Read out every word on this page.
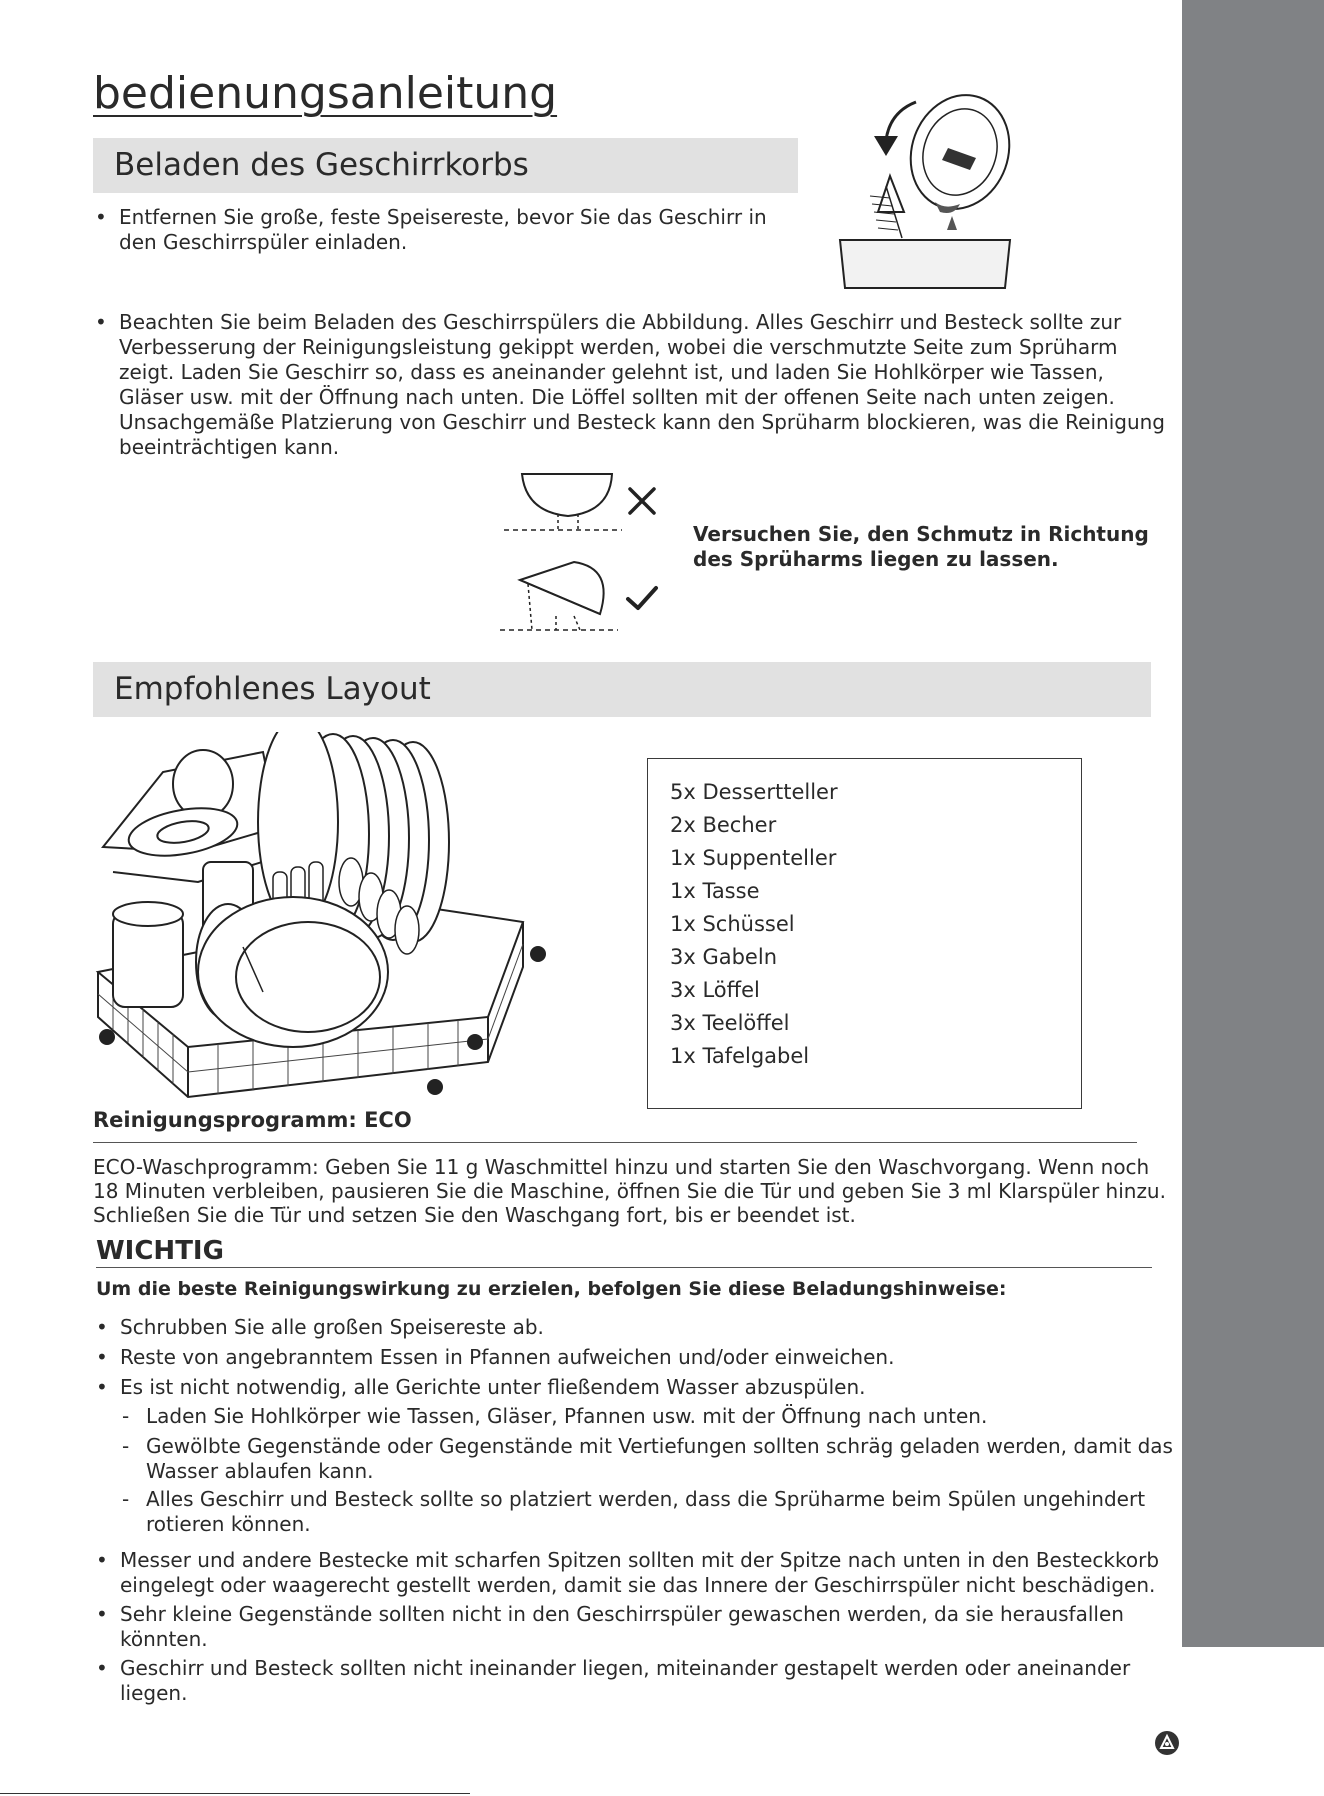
bedienungsanleitung
Beladen des Geschirrkorbs
• Entfernen Sie große, feste Speisereste, bevor Sie das Geschirr in den Geschirrspüler einladen.
• Beachten Sie beim Beladen des Geschirrspülers die Abbildung. Alles Geschirr und Besteck sollte zur Verbesserung der Reinigungsleistung gekippt werden, wobei die verschmutzte Seite zum Sprüharm zeigt. Laden Sie Geschirr so, dass es aneinander gelehnt ist, und laden Sie Hohlkörper wie Tassen, Gläser usw. mit der Öffnung nach unten. Die Löffel sollten mit der offenen Seite nach unten zeigen. Unsachgemäße Platzierung von Geschirr und Besteck kann den Sprüharm blockieren, was die Reinigung beeinträchtigen kann.
Versuchen Sie, den Schmutz in Richtung des Sprüharms liegen zu lassen.
Empfohlenes Layout
5x Dessertteller
2x Becher
1x Suppenteller
1x Tasse
1x Schüssel
3x Gabeln
3x Löffel
3x Teelöffel
1x Tafelgabel
Reinigungsprogramm: ECO
ECO-Waschprogramm: Geben Sie 11 g Waschmittel hinzu und starten Sie den Waschvorgang. Wenn noch 18 Minuten verbleiben, pausieren Sie die Maschine, öffnen Sie die Tür und geben Sie 3 ml Klarspüler hinzu. Schließen Sie die Tür und setzen Sie den Waschgang fort, bis er beendet ist.
WICHTIG
Um die beste Reinigungswirkung zu erzielen, befolgen Sie diese Beladungshinweise:
• Schrubben Sie alle großen Speisereste ab.
• Reste von angebranntem Essen in Pfannen aufweichen und/oder einweichen.
• Es ist nicht notwendig, alle Gerichte unter fließendem Wasser abzuspülen.
- Laden Sie Hohlkörper wie Tassen, Gläser, Pfannen usw. mit der Öffnung nach unten.
- Gewölbte Gegenstände oder Gegenstände mit Vertiefungen sollten schräg geladen werden, damit das Wasser ablaufen kann.
- Alles Geschirr und Besteck sollte so platziert werden, dass die Sprüharme beim Spülen ungehindert rotieren können.
• Messer und andere Bestecke mit scharfen Spitzen sollten mit der Spitze nach unten in den Besteckkorb eingelegt oder waagerecht gestellt werden, damit sie das Innere der Geschirrspüler nicht beschädigen.
• Sehr kleine Gegenstände sollten nicht in den Geschirrspüler gewaschen werden, da sie herausfallen könnten.
• Geschirr und Besteck sollten nicht ineinander liegen, miteinander gestapelt werden oder aneinander liegen.
